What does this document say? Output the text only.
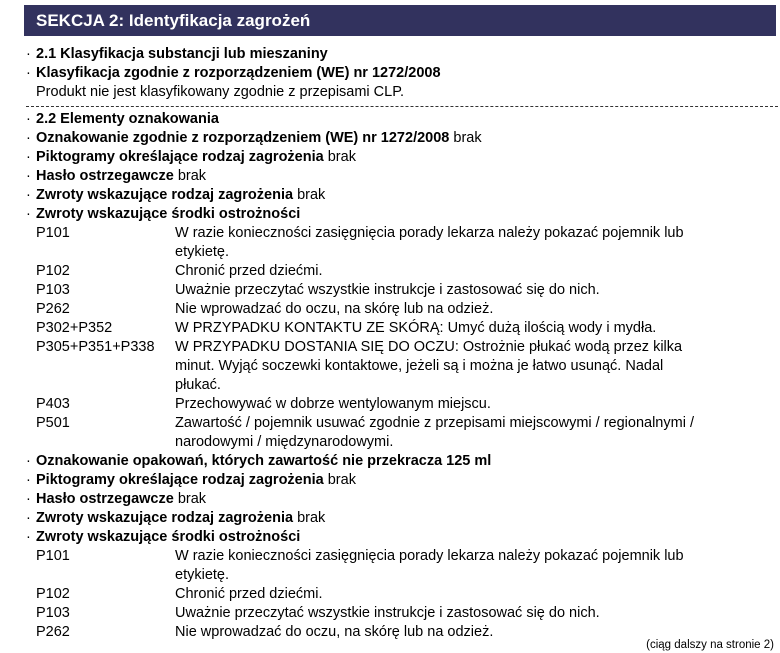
SEKCJA 2: Identyfikacja zagrożeń
· 2.1 Klasyfikacja substancji lub mieszaniny
· Klasyfikacja zgodnie z rozporządzeniem (WE) nr 1272/2008
Produkt nie jest klasyfikowany zgodnie z przepisami CLP.
· 2.2 Elementy oznakowania
· Oznakowanie zgodnie z rozporządzeniem (WE) nr 1272/2008 brak
· Piktogramy określające rodzaj zagrożenia brak
· Hasło ostrzegawcze brak
· Zwroty wskazujące rodzaj zagrożenia brak
· Zwroty wskazujące środki ostrożności
P101	W razie konieczności zasięgnięcia porady lekarza należy pokazać pojemnik lub
etykietę.
P102	Chronić przed dziećmi.
P103	Uważnie przeczytać wszystkie instrukcje i zastosować się do nich.
P262	Nie wprowadzać do oczu, na skórę lub na odzież.
P302+P352	W PRZYPADKU KONTAKTU ZE SKÓRĄ: Umyć dużą ilością wody i mydła.
P305+P351+P338 W PRZYPADKU DOSTANIA SIĘ DO OCZU: Ostrożnie płukać wodą przez kilka
minut. Wyjąć soczewki kontaktowe, jeżeli są i można je łatwo usunąć. Nadal
płukać.
P403	Przechowywać w dobrze wentylowanym miejscu.
P501	Zawartość / pojemnik usuwać zgodnie z przepisami miejscowymi / regionalnymi /
narodowymi / międzynarodowymi.
· Oznakowanie opakowań, których zawartość nie przekracza 125 ml
· Piktogramy określające rodzaj zagrożenia brak
· Hasło ostrzegawcze brak
· Zwroty wskazujące rodzaj zagrożenia brak
· Zwroty wskazujące środki ostrożności
P101	W razie konieczności zasięgnięcia porady lekarza należy pokazać pojemnik lub
etykietę.
P102	Chronić przed dziećmi.
P103	Uważnie przeczytać wszystkie instrukcje i zastosować się do nich.
P262	Nie wprowadzać do oczu, na skórę lub na odzież.
(ciąg dalszy na stronie 2)
